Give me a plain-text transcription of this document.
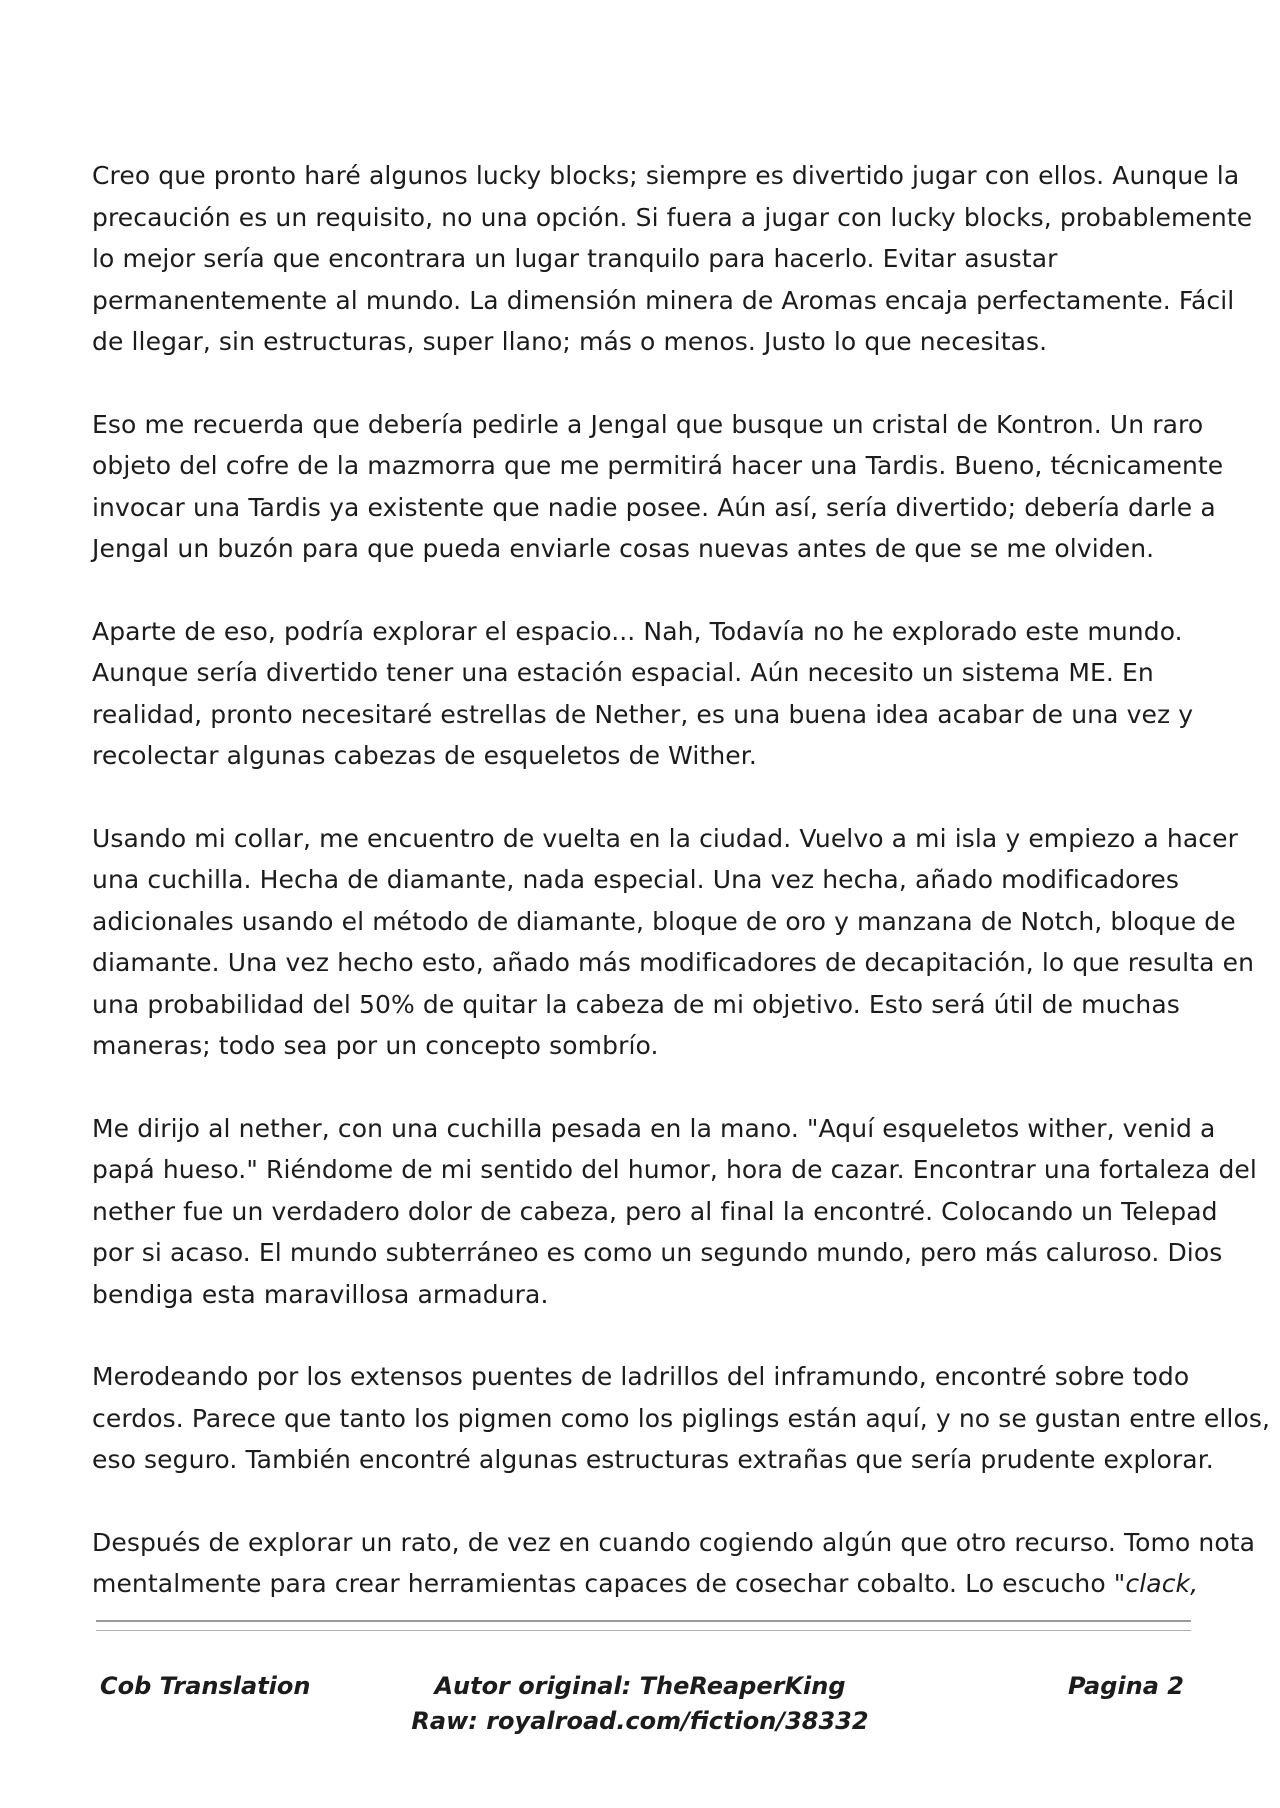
Creo que pronto haré algunos lucky blocks; siempre es divertido jugar con ellos. Aunque la
precaución es un requisito, no una opción. Si fuera a jugar con lucky blocks, probablemente
lo mejor sería que encontrara un lugar tranquilo para hacerlo. Evitar asustar
permanentemente al mundo. La dimensión minera de Aromas encaja perfectamente. Fácil
de llegar, sin estructuras, super llano; más o menos. Justo lo que necesitas.

Eso me recuerda que debería pedirle a Jengal que busque un cristal de Kontron. Un raro
objeto del cofre de la mazmorra que me permitirá hacer una Tardis. Bueno, técnicamente
invocar una Tardis ya existente que nadie posee. Aún así, sería divertido; debería darle a
Jengal un buzón para que pueda enviarle cosas nuevas antes de que se me olviden.

Aparte de eso, podría explorar el espacio... Nah, Todavía no he explorado este mundo.
Aunque sería divertido tener una estación espacial. Aún necesito un sistema ME. En
realidad, pronto necesitaré estrellas de Nether, es una buena idea acabar de una vez y
recolectar algunas cabezas de esqueletos de Wither.

Usando mi collar, me encuentro de vuelta en la ciudad. Vuelvo a mi isla y empiezo a hacer
una cuchilla. Hecha de diamante, nada especial. Una vez hecha, añado modificadores
adicionales usando el método de diamante, bloque de oro y manzana de Notch, bloque de
diamante. Una vez hecho esto, añado más modificadores de decapitación, lo que resulta en
una probabilidad del 50% de quitar la cabeza de mi objetivo. Esto será útil de muchas
maneras; todo sea por un concepto sombrío.

Me dirijo al nether, con una cuchilla pesada en la mano. "Aquí esqueletos wither, venid a
papá hueso." Riéndome de mi sentido del humor, hora de cazar. Encontrar una fortaleza del
nether fue un verdadero dolor de cabeza, pero al final la encontré. Colocando un Telepad
por si acaso. El mundo subterráneo es como un segundo mundo, pero más caluroso. Dios
bendiga esta maravillosa armadura.

Merodeando por los extensos puentes de ladrillos del inframundo, encontré sobre todo
cerdos. Parece que tanto los pigmen como los piglings están aquí, y no se gustan entre ellos,
eso seguro. También encontré algunas estructuras extrañas que sería prudente explorar.

Después de explorar un rato, de vez en cuando cogiendo algún que otro recurso. Tomo nota
mentalmente para crear herramientas capaces de cosechar cobalto. Lo escucho "clack,

Cob Translation	Autor original: TheReaperKing
Raw: royalroad.com/fiction/38332
Pagina 2
